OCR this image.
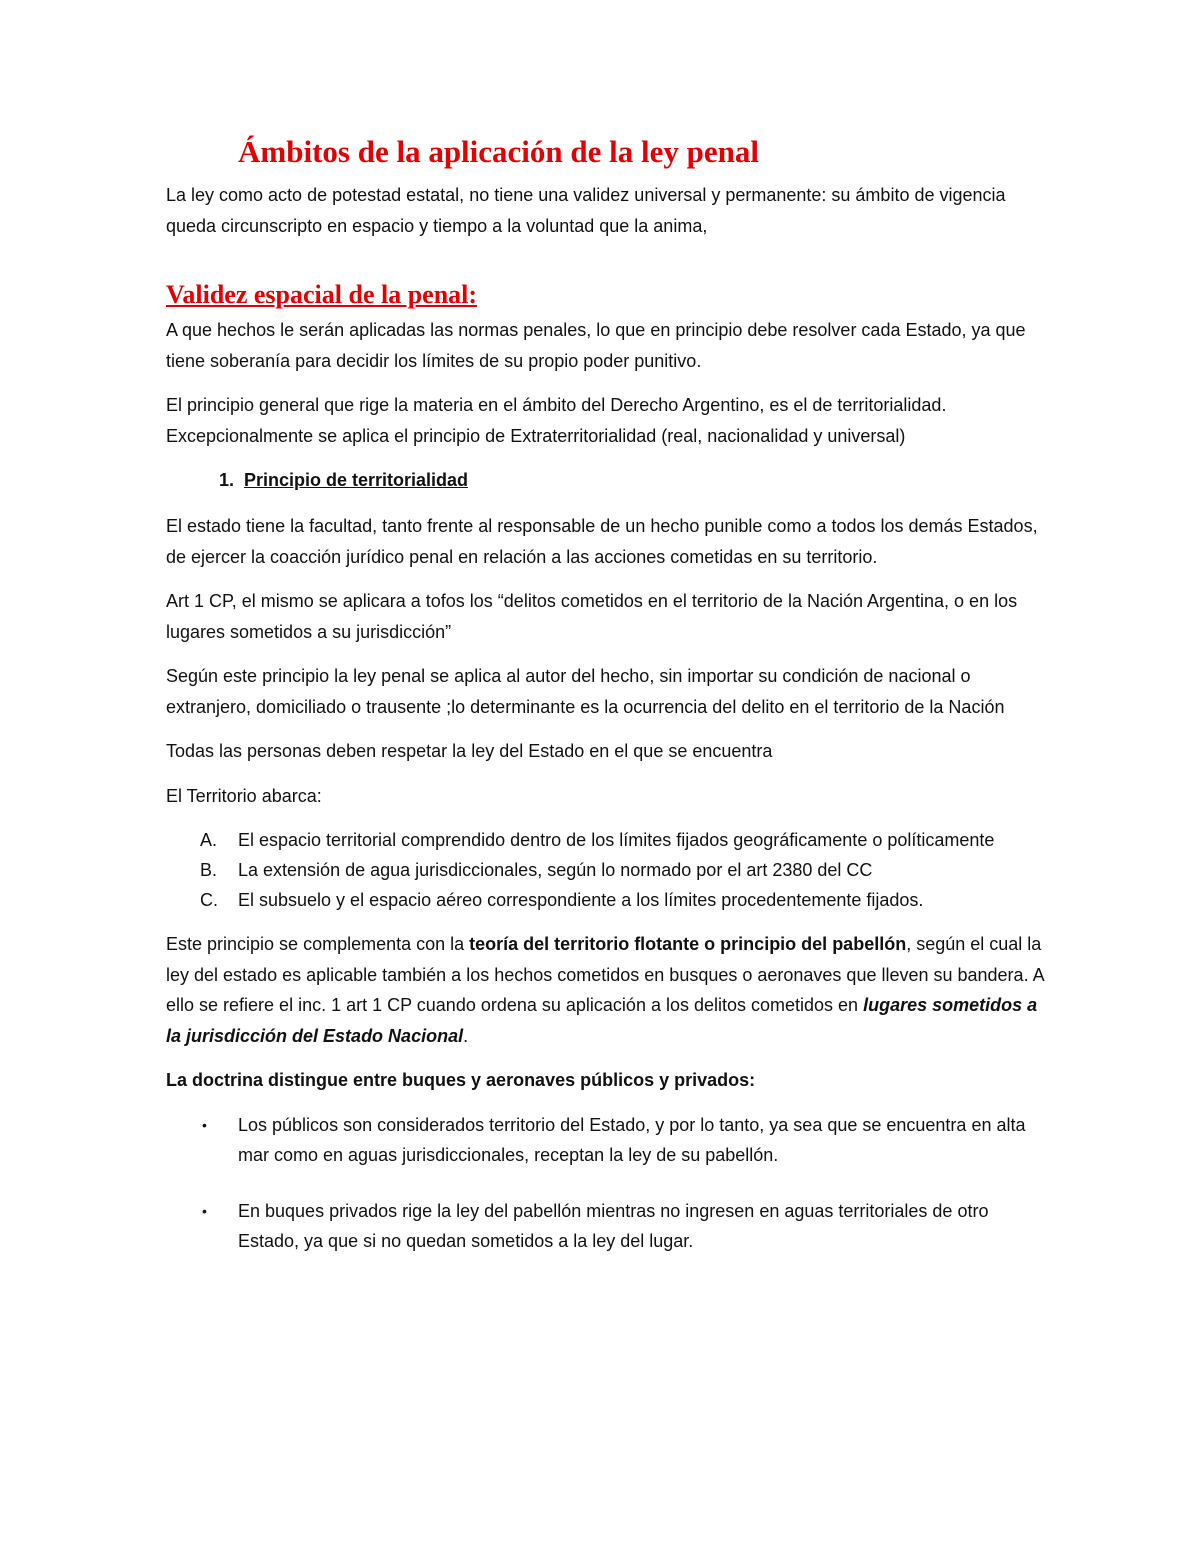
Ámbitos de la aplicación de la ley penal

La ley como acto de potestad estatal, no tiene una validez universal y permanente: su ámbito de vigencia queda circunscripto en espacio y tiempo a la voluntad que la anima,

Validez espacial de la penal:

A que hechos le serán aplicadas las normas penales, lo que en principio debe resolver cada Estado, ya que tiene soberanía para decidir los límites de su propio poder punitivo.

El principio general que rige la materia en el ámbito del Derecho Argentino, es el de territorialidad. Excepcionalmente se aplica el principio de Extraterritorialidad (real, nacionalidad y universal)

1. Principio de territorialidad

El estado tiene la facultad, tanto frente al responsable de un hecho punible como a todos los demás Estados, de ejercer la coacción jurídico penal en relación a las acciones cometidas en su territorio.

Art 1 CP, el mismo se aplicara a tofos los “delitos cometidos en el territorio de la Nación Argentina, o en los lugares sometidos a su jurisdicción”

Según este principio la ley penal se aplica al autor del hecho, sin importar su condición de nacional o extranjero, domiciliado o trausente ;lo determinante es la ocurrencia del delito en el territorio de la Nación

Todas las personas deben respetar la ley del Estado en el que se encuentra

El Territorio abarca:

A.	El espacio territorial comprendido dentro de los límites fijados geográficamente o políticamente
B.	La extensión de agua jurisdiccionales, según lo normado por el art 2380 del CC
C.	El subsuelo y el espacio aéreo correspondiente a los límites procedentemente fijados.

Este principio se complementa con la teoría del territorio flotante o principio del pabellón, según el cual la ley del estado es aplicable también a los hechos cometidos en busques o aeronaves que lleven su bandera. A ello se refiere el inc. 1 art 1 CP cuando ordena su aplicación a los delitos cometidos en lugares sometidos a la jurisdicción del Estado Nacional.

La doctrina distingue entre buques y aeronaves públicos y privados:

•	Los públicos son considerados territorio del Estado, y por lo tanto, ya sea que se encuentra en alta mar como en aguas jurisdiccionales, receptan la ley de su pabellón.
•	En buques privados rige la ley del pabellón mientras no ingresen en aguas territoriales de otro Estado, ya que si no quedan sometidos a la ley del lugar.
